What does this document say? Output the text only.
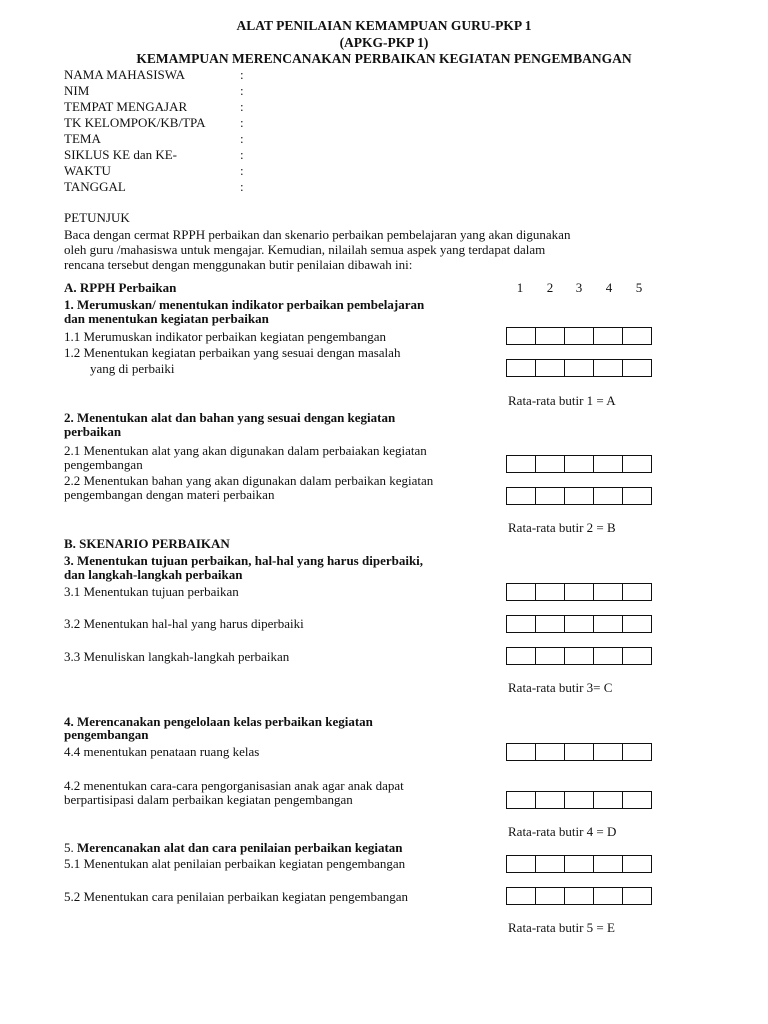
ALAT PENILAIAN KEMAMPUAN GURU-PKP 1
(APKG-PKP 1)
KEMAMPUAN MERENCANAKAN PERBAIKAN KEGIATAN PENGEMBANGAN
NAMA MAHASISWA	:
NIM	:
TEMPAT MENGAJAR	:
TK KELOMPOK/KB/TPA	:
TEMA	:
SIKLUS KE dan KE-	:
WAKTU	:
TANGGAL	:
PETUNJUK
Baca dengan cermat RPPH perbaikan dan skenario perbaikan pembelajaran yang akan digunakan
oleh guru /mahasiswa untuk mengajar. Kemudian, nilailah semua aspek yang terdapat dalam
rencana tersebut dengan menggunakan butir penilaian dibawah ini:
A. RPPH Perbaikan	1	2	3	4	5
1. Merumuskan/ menentukan indikator perbaikan pembelajaran
dan menentukan kegiatan perbaikan
1.1 Merumuskan indikator perbaikan kegiatan pengembangan
1.2 Menentukan kegiatan perbaikan yang sesuai dengan masalah
yang di perbaiki
Rata-rata butir 1 = A
2. Menentukan alat dan bahan yang sesuai dengan kegiatan
perbaikan
2.1 Menentukan alat yang akan digunakan dalam perbaiakan kegiatan
pengembangan
2.2 Menentukan bahan yang akan digunakan dalam perbaikan kegiatan
pengembangan dengan materi perbaikan
Rata-rata butir 2 = B
B. SKENARIO PERBAIKAN
3. Menentukan tujuan perbaikan, hal-hal yang harus diperbaiki,
dan langkah-langkah perbaikan
3.1 Menentukan tujuan perbaikan
3.2 Menentukan hal-hal yang harus diperbaiki
3.3 Menuliskan langkah-langkah perbaikan
Rata-rata butir 3= C
4. Merencanakan pengelolaan kelas perbaikan kegiatan
pengembangan
4.4 menentukan penataan ruang kelas
4.2 menentukan cara-cara pengorganisasian anak agar anak dapat
berpartisipasi dalam perbaikan kegiatan pengembangan
Rata-rata butir 4 = D
5. Merencanakan alat dan cara penilaian perbaikan kegiatan
5.1 Menentukan alat penilaian perbaikan kegiatan pengembangan
5.2 Menentukan cara penilaian perbaikan kegiatan pengembangan
Rata-rata butir 5 = E
